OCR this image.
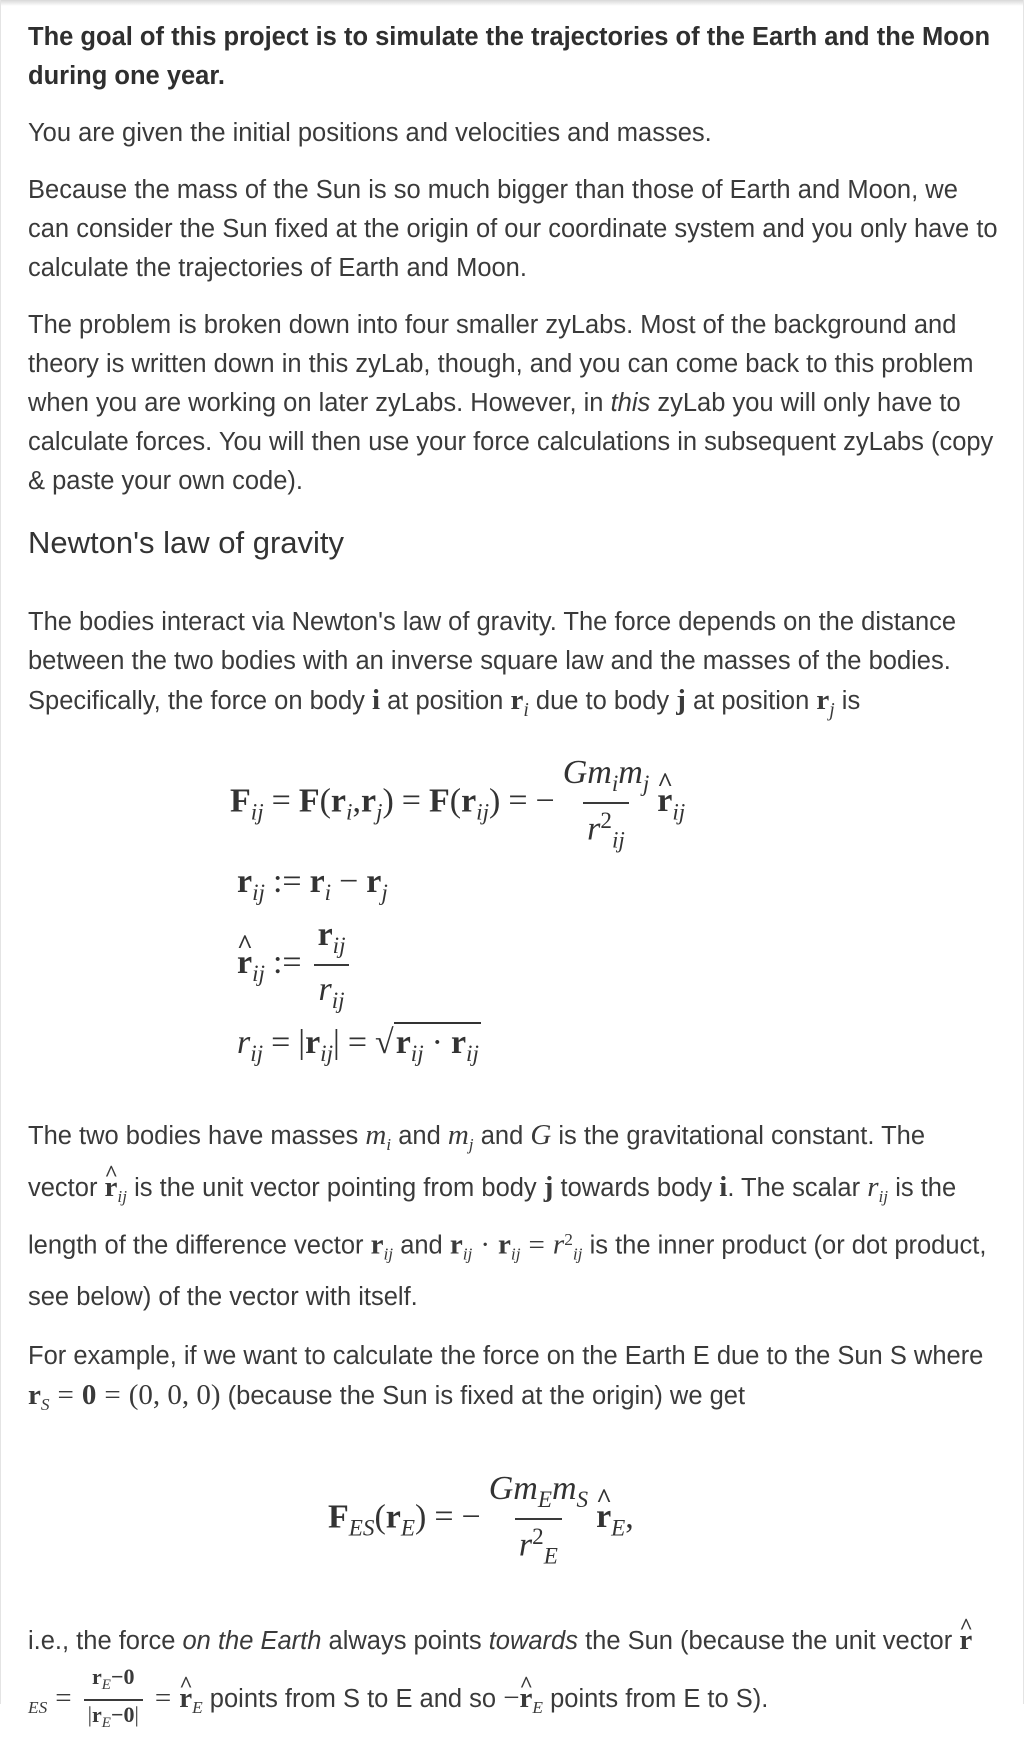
The goal of this project is to simulate the trajectories of the Earth and the Moon during one year.

You are given the initial positions and velocities and masses.

Because the mass of the Sun is so much bigger than those of Earth and Moon, we can consider the Sun fixed at the origin of our coordinate system and you only have to calculate the trajectories of Earth and Moon.

The problem is broken down into four smaller zyLabs. Most of the background and theory is written down in this zyLab, though, and you can come back to this problem when you are working on later zyLabs. However, in this zyLab you will only have to calculate forces. You will then use your force calculations in subsequent zyLabs (copy & paste your own code).

Newton's law of gravity

The bodies interact via Newton's law of gravity. The force depends on the distance between the two bodies with an inverse square law and the masses of the bodies. Specifically, the force on body i at position $r_i$ due to body j at position $r_j$ is

$F_{ij} = F(r_i,r_j) = F(r_{ij})$ = − $\frac{Gm_im_j}{r^2_{ij}}$ ^ $r_{ij}$
$r_{ij}$ := $r_i - r_j$
^ $r_{ij}$ := $\frac{r_{ij}}{r_{ij}}$
$r_{ij} = |r_{ij}| = √r_{ij} \cdot r_{ij}$

The two bodies have masses $m_i$ and $m_j$ and G is the gravitational constant. The vector ^ $r_{ij}$ is the unit vector pointing from body j towards body i. The scalar $r_{ij}$ is the length of the difference vector $r_{ij}$ and $r_{ij} \cdot r_{ij} = r^2_{ij}$ is the inner product (or dot product, see below) of the vector with itself.

For example, if we want to calculate the force on the Earth E due to the Sun S where $r_S = 0 = (0$, 0, 0) (because the Sun is fixed at the origin) we get

$F_{ES}(r_E)$ = − $\frac{Gm_Em_S}{r^2_E}$ ^ $r_E$,

i.e., the force on the Earth always points towards the Sun (because the unit vector ^ $r_{ES} = \frac{r_E-0}{|r_E-0|}$ = ^ $r_E$ points from S to E and so −^ $r_E$ points from E to S).
